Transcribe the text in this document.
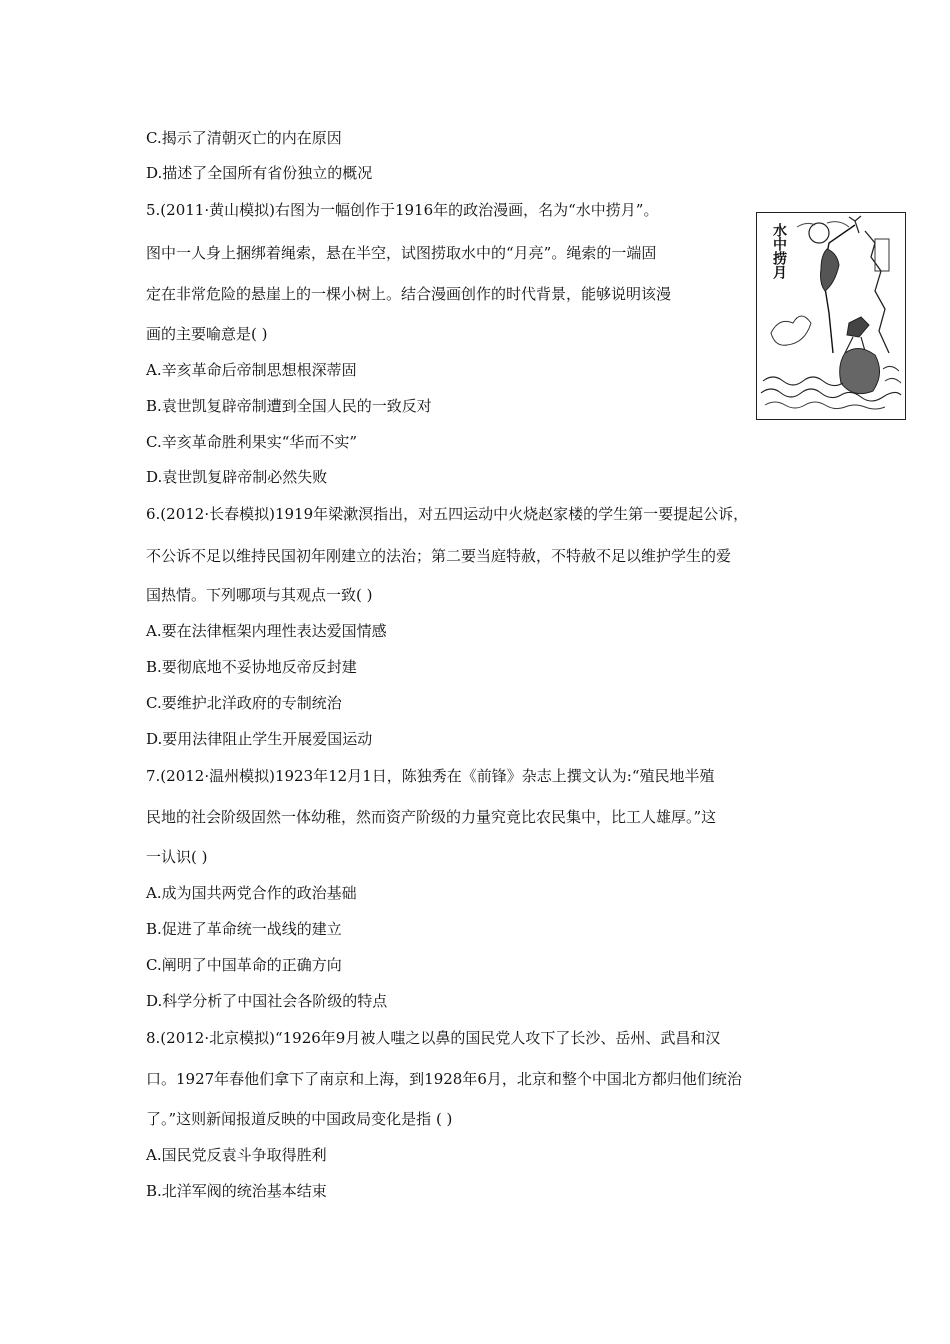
C.揭示了清朝灭亡的内在原因
D.描述了全国所有省份独立的概况
5.(2011·黄山模拟)右图为一幅创作于1916年的政治漫画，名为“水中捞月”。
图中一人身上捆绑着绳索，悬在半空，试图捞取水中的“月亮”。绳索的一端固
定在非常危险的悬崖上的一棵小树上。结合漫画创作的时代背景，能够说明该漫
画的主要喻意是( )
A.辛亥革命后帝制思想根深蒂固
B.袁世凯复辟帝制遭到全国人民的一致反对
C.辛亥革命胜利果实“华而不实”
D.袁世凯复辟帝制必然失败
6.(2012·长春模拟)1919年梁漱溟指出，对五四运动中火烧赵家楼的学生第一要提起公诉，
不公诉不足以维持民国初年刚建立的法治；第二要当庭特赦，不特赦不足以维护学生的爱
国热情。下列哪项与其观点一致( )
A.要在法律框架内理性表达爱国情感
B.要彻底地不妥协地反帝反封建
C.要维护北洋政府的专制统治
D.要用法律阻止学生开展爱国运动
7.(2012·温州模拟)1923年12月1日，陈独秀在《前锋》杂志上撰文认为:“殖民地半殖
民地的社会阶级固然一体幼稚，然而资产阶级的力量究竟比农民集中，比工人雄厚。”这
一认识( )
A.成为国共两党合作的政治基础
B.促进了革命统一战线的建立
C.阐明了中国革命的正确方向
D.科学分析了中国社会各阶级的特点
8.(2012·北京模拟)“1926年9月被人嗤之以鼻的国民党人攻下了长沙、岳州、武昌和汉
口。1927年春他们拿下了南京和上海，到1928年6月，北京和整个中国北方都归他们统治
了。”这则新闻报道反映的中国政局变化是指 ( )
A.国民党反袁斗争取得胜利
B.北洋军阀的统治基本结束
水中捞月
